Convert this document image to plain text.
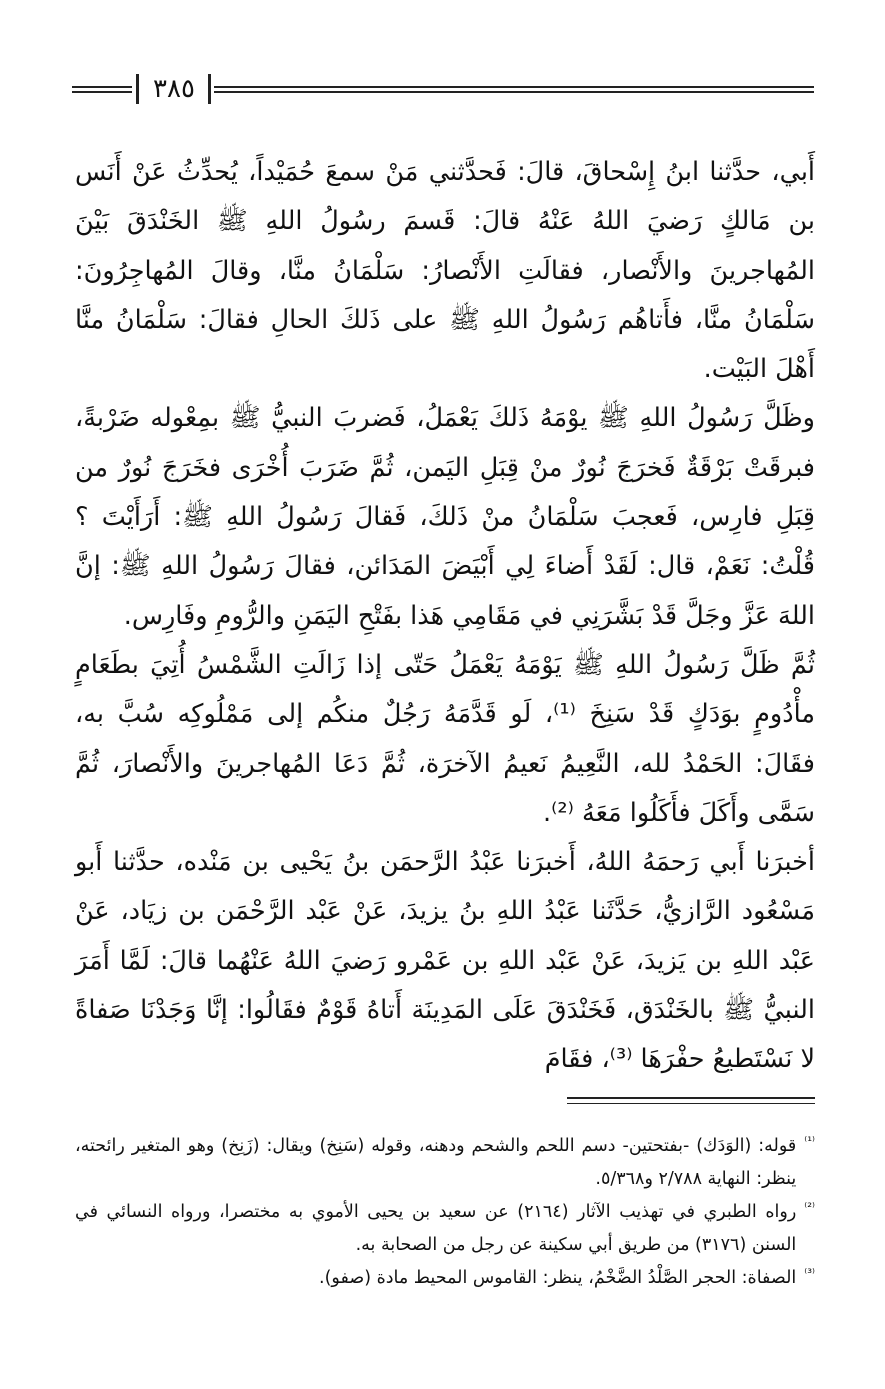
٣٨٥

أَبي، حدَّثنا ابنُ إِسْحاقَ، قالَ: فَحدَّثني مَنْ سمعَ حُمَيْداً، يُحدِّثُ عَنْ أَنَس بن مَالكٍ رَضيَ اللهُ عَنْهُ قالَ: قَسمَ رسُولُ اللهِ ﷺ الخَنْدَقَ بَيْنَ المُهاجرينَ والأَنْصار، فقالَتِ الأَنْصارُ: سَلْمَانُ منَّا، وقالَ المُهاجِرُونَ: سَلْمَانُ منَّا، فأَتاهُم رَسُولُ اللهِ ﷺ على ذَلكَ الحالِ فقالَ: سَلْمَانُ منَّا أَهْلَ البَيْت.

وظَلَّ رَسُولُ اللهِ ﷺ يوْمَهُ ذَلكَ يَعْمَلُ، فَضربَ النبيُّ ﷺ بمِعْوله ضَرْبةً، فبرقَتْ بَرْقَةٌ فَخرَجَ نُورٌ منْ قِبَلِ اليَمن، ثُمَّ ضَرَبَ أُخْرَى فخَرَجَ نُورٌ من قِبَلِ فارِس، فَعجبَ سَلْمَانُ منْ ذَلكَ، فَقالَ رَسُولُ اللهِ ﷺ: أَرَأَيْتَ ؟ قُلْتُ: نَعَمْ، قال: لَقَدْ أَضاءَ لِي أَبْيَضَ المَدَائن، فقالَ رَسُولُ اللهِ ﷺ: إنَّ اللهَ عَزَّ وجَلَّ قَدْ بَشَّرَنِي في مَقَامِي هَذا بفَتْحِ اليَمَنِ والرُّومِ وفَارِس.

ثُمَّ ظَلَّ رَسُولُ اللهِ ﷺ يَوْمَهُ يَعْمَلُ حَتّى إذا زَالَتِ الشَّمْسُ أُتِيَ بطَعَامٍ مأْدُومٍ بوَدَكٍ قَدْ سَنِخَ ⁽¹⁾، لَو قَدَّمَهُ رَجُلٌ منكُم إلى مَمْلُوكِه سُبَّ به، فقَالَ: الحَمْدُ لله، النَّعِيمُ نَعيمُ الآخرَة، ثُمَّ دَعَا المُهاجرينَ والأَنْصارَ، ثُمَّ سَمَّى وأَكَلَ فأَكَلُوا مَعَهُ ⁽²⁾.

أخبرَنا أَبي رَحمَهُ اللهُ، أَخبرَنا عَبْدُ الرَّحمَن بنُ يَحْيى بن مَنْده، حدَّثنا أَبو مَسْعُود الرَّازيُّ، حَدَّثَنا عَبْدُ اللهِ بنُ يزيدَ، عَنْ عَبْد الرَّحْمَن بن زيَاد، عَنْ عَبْد اللهِ بن يَزيدَ، عَنْ عَبْد اللهِ بن عَمْرو رَضيَ اللهُ عَنْهُما قالَ: لَمَّا أَمَرَ النبيُّ ﷺ بالخَنْدَق، فَخَنْدَقَ عَلَى المَدِينَة أَتاهُ قَوْمٌ فقَالُوا: إنَّا وَجَدْنَا صَفاةً لا نَسْتَطيعُ حفْرَهَا ⁽³⁾، فقَامَ

⁽¹⁾
قوله: (الوَدَك) -بفتحتين- دسم اللحم والشحم ودهنه، وقوله (سَنِخ) ويقال: (زَنِخ) وهو المتغير رائحته، ينظر: النهاية ٢/٧٨٨ و٥/٣٦٨.
⁽²⁾
رواه الطبري في تهذيب الآثار (٢١٦٤) عن سعيد بن يحيى الأموي به مختصرا، ورواه النسائي في السنن (٣١٧٦) من طريق أبي سكينة عن رجل من الصحابة به.
⁽³⁾
الصفاة: الحجر الصَّلْدُ الضَّخْمُ، ينظر: القاموس المحيط مادة (صفو).
